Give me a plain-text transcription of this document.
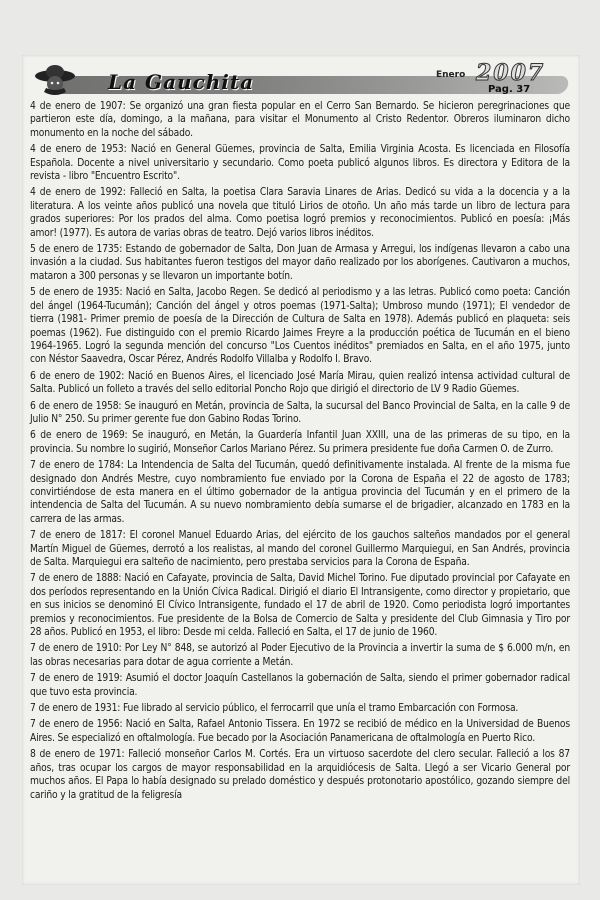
La Gauchita	Enero 2007
Pag. 37

4 de enero de 1907: Se organizó una gran fiesta popular en el Cerro San Bernardo. Se hicieron peregrinaciones que partieron este día, domingo, a la mañana, para visitar el Monumento al Cristo Redentor. Obreros iluminaron dicho monumento en la noche del sábado.

4 de enero de 1953: Nació en General Güemes, provincia de Salta, Emilia Virginia Acosta. Es licenciada en Filosofía Española. Docente a nivel universitario y secundario. Como poeta publicó algunos libros. Es directora y Editora de la revista - libro "Encuentro Escrito".

4 de enero de 1992: Falleció en Salta, la poetisa Clara Saravia Linares de Arias. Dedicó su vida a la docencia y a la literatura. A los veinte años publicó una novela que tituló Lirios de otoño. Un año más tarde un libro de lectura para grados superiores: Por los prados del alma. Como poetisa logró premios y reconocimientos. Publicó en poesía: ¡Más amor! (1977). Es autora de varias obras de teatro. Dejó varios libros inéditos.

5 de enero de 1735: Estando de gobernador de Salta, Don Juan de Armasa y Arregui, los indígenas llevaron a cabo una invasión a la ciudad. Sus habitantes fueron testigos del mayor daño realizado por los aborígenes. Cautivaron a muchos, mataron a 300 personas y se llevaron un importante botín.

5 de enero de 1935: Nació en Salta, Jacobo Regen. Se dedicó al periodismo y a las letras. Publicó como poeta: Canción del ángel (1964-Tucumán); Canción del ángel y otros poemas (1971-Salta); Umbroso mundo (1971); El vendedor de tierra (1981- Primer premio de poesía de la Dirección de Cultura de Salta en 1978). Además publicó en plaqueta: seis poemas (1962). Fue distinguido con el premio Ricardo Jaimes Freyre a la producción poética de Tucumán en el bieno 1964-1965. Logró la segunda mención del concurso "Los Cuentos inéditos" premiados en Salta, en el año 1975, junto con Néstor Saavedra, Oscar Pérez, Andrés Rodolfo Villalba y Rodolfo I. Bravo.

6 de enero de 1902: Nació en Buenos Aires, el licenciado José María Mirau, quien realizó intensa actividad cultural de Salta. Publicó un folleto a través del sello editorial Poncho Rojo que dirigió el directorio de LV 9 Radio Güemes.

6 de enero de 1958: Se inauguró en Metán, provincia de Salta, la sucursal del Banco Provincial de Salta, en la calle 9 de Julio N° 250. Su primer gerente fue don Gabino Rodas Torino.

6 de enero de 1969: Se inauguró, en Metán, la Guardería Infantil Juan XXIII, una de las primeras de su tipo, en la provincia. Su nombre lo sugirió, Monseñor Carlos Mariano Pérez. Su primera presidente fue doña Carmen O. de Zurro.

7 de enero de 1784: La Intendencia de Salta del Tucumán, quedó definitivamente instalada. Al frente de la misma fue designado don Andrés Mestre, cuyo nombramiento fue enviado por la Corona de España el 22 de agosto de 1783; convirtiéndose de esta manera en el último gobernador de la antigua provincia del Tucumán y en el primero de la intendencia de Salta del Tucumán. A su nuevo nombramiento debía sumarse el de brigadier, alcanzado en 1783 en la carrera de las armas.

7 de enero de 1817: El coronel Manuel Eduardo Arias, del ejército de los gauchos salteños mandados por el general Martín Miguel de Güemes, derrotó a los realistas, al mando del coronel Guillermo Marquiegui, en San Andrés, provincia de Salta. Marquiegui era salteño de nacimiento, pero prestaba servicios para la Corona de España.

7 de enero de 1888: Nació en Cafayate, provincia de Salta, David Michel Torino. Fue diputado provincial por Cafayate en dos períodos representando en la Unión Cívica Radical. Dirigió el diario El Intransigente, como director y propietario, que en sus inicios se denominó El Cívico Intransigente, fundado el 17 de abril de 1920. Como periodista logró importantes premios y reconocimientos. Fue presidente de la Bolsa de Comercio de Salta y presidente del Club Gimnasia y Tiro por 28 años. Publicó en 1953, el libro: Desde mi celda. Falleció en Salta, el 17 de junio de 1960.

7 de enero de 1910: Por Ley N° 848, se autorizó al Poder Ejecutivo de la Provincia a invertir la suma de $ 6.000 m/n, en las obras necesarias para dotar de agua corriente a Metán.

7 de enero de 1919: Asumió el doctor Joaquín Castellanos la gobernación de Salta, siendo el primer gobernador radical que tuvo esta provincia.

7 de enero de 1931: Fue librado al servicio público, el ferrocarril que unía el tramo Embarcación con Formosa.

7 de enero de 1956: Nació en Salta, Rafael Antonio Tissera. En 1972 se recibió de médico en la Universidad de Buenos Aires. Se especializó en oftalmología. Fue becado por la Asociación Panamericana de oftalmología en Puerto Rico.

8 de enero de 1971: Falleció monseñor Carlos M. Cortés. Era un virtuoso sacerdote del clero secular. Falleció a los 87 años, tras ocupar los cargos de mayor responsabilidad en la arquidiócesis de Salta. Llegó a ser Vicario General por muchos años. El Papa lo había designado su prelado doméstico y después protonotario apostólico, gozando siempre del cariño y la gratitud de la feligresía
